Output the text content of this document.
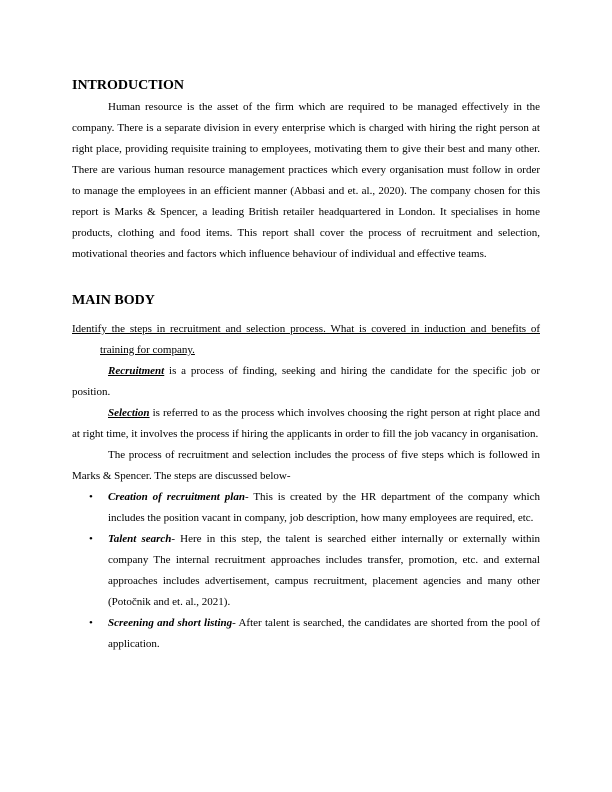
INTRODUCTION

Human resource is the asset of the firm which are required to be managed effectively in the company. There is a separate division in every enterprise which is charged with hiring the right person at right place, providing requisite training to employees, motivating them to give their best and many other. There are various human resource management practices which every organisation must follow in order to manage the employees in an efficient manner (Abbasi and et. al., 2020). The company chosen for this report is Marks & Spencer, a leading British retailer headquartered in London. It specialises in home products, clothing and food items. This report shall cover the process of recruitment and selection, motivational theories and factors which influence behaviour of individual and effective teams.

MAIN BODY
Identify the steps in recruitment and selection process. What is covered in induction and benefits of training for company.

Recruitment is a process of finding, seeking and hiring the candidate for the specific job or position.

Selection is referred to as the process which involves choosing the right person at right place and at right time, it involves the process if hiring the applicants in order to fill the job vacancy in organisation.

The process of recruitment and selection includes the process of five steps which is followed in Marks & Spencer. The steps are discussed below-

• Creation of recruitment plan- This is created by the HR department of the company which includes the position vacant in company, job description, how many employees are required, etc.
• Talent search- Here in this step, the talent is searched either internally or externally within company The internal recruitment approaches includes transfer, promotion, etc. and external approaches includes advertisement, campus recruitment, placement agencies and many other (Potočnik and et. al., 2021).
• Screening and short listing- After talent is searched, the candidates are shorted from the pool of application.
